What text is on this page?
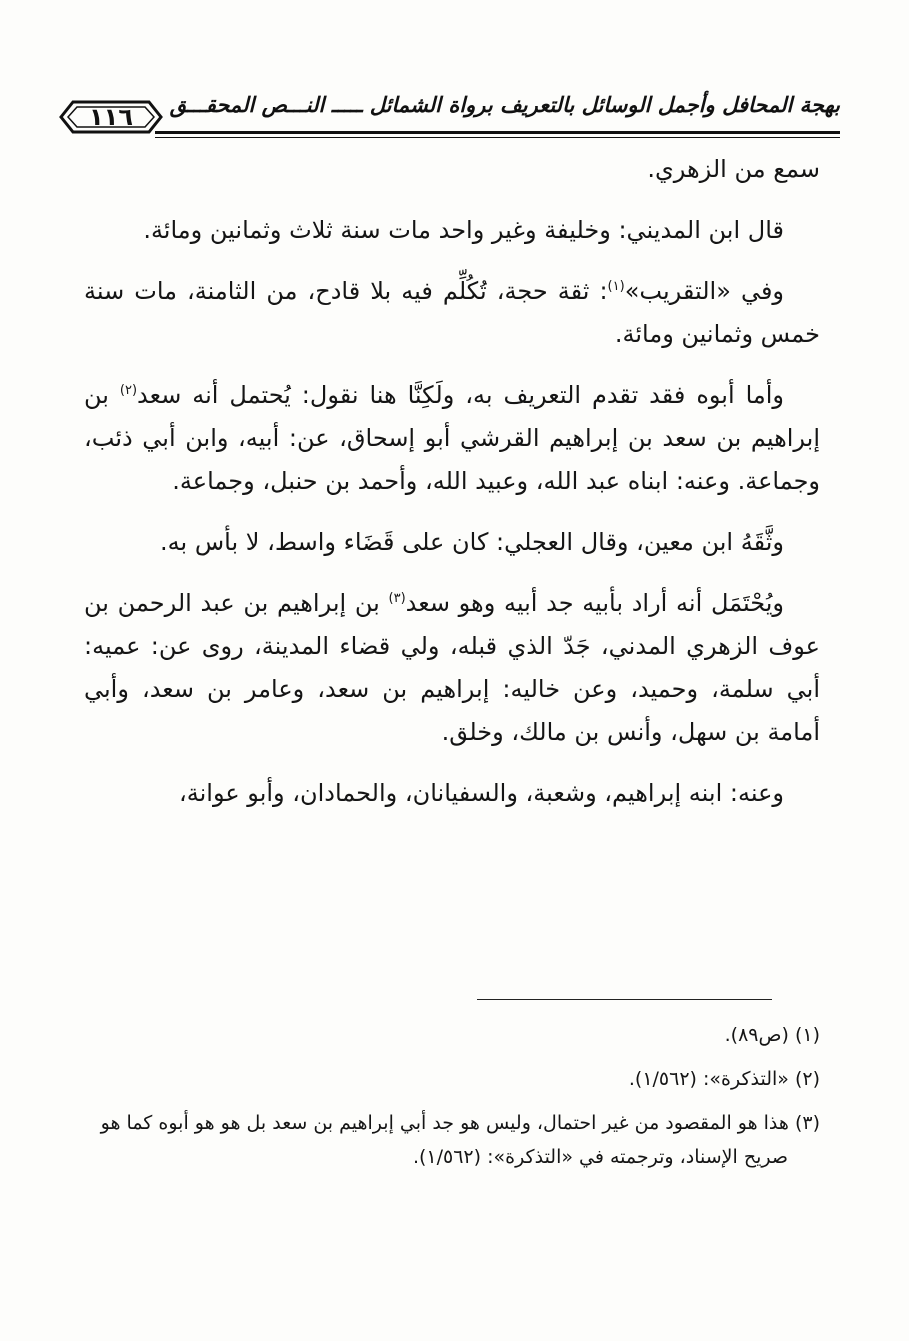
بهجة المحافل وأجمل الوسائل بالتعريف برواة الشمائل ـــــ النـــص المحقـــق
١١٦

سمع من الزهري.

قال ابن المديني: وخليفة وغير واحد مات سنة ثلاث وثمانين ومائة.

وفي «التقريب»$^{(١)}$: ثقة حجة، تُكُلِّم فيه بلا قادح، من الثامنة، مات سنة خمس وثمانين ومائة.

وأما أبوه فقد تقدم التعريف به، ولَكِنَّا هنا نقول: يُحتمل أنه سعد$^{(٢)}$ بن إبراهيم بن سعد بن إبراهيم القرشي أبو إسحاق، عن: أبيه، وابن أبي ذئب، وجماعة. وعنه: ابناه عبد الله، وعبيد الله، وأحمد بن حنبل، وجماعة.

وثَّقَهُ ابن معين، وقال العجلي: كان على قَضَاء واسط، لا بأس به.

ويُحْتَمَل أنه أراد بأبيه جد أبيه وهو سعد$^{(٣)}$ بن إبراهيم بن عبد الرحمن بن عوف الزهري المدني، جَدّ الذي قبله، ولي قضاء المدينة، روى عن: عميه: أبي سلمة، وحميد، وعن خاليه: إبراهيم بن سعد، وعامر بن سعد، وأبي أمامة بن سهل، وأنس بن مالك، وخلق.

وعنه: ابنه إبراهيم، وشعبة، والسفيانان، والحمادان، وأبو عوانة،

(١) (ص٨٩).

(٢) «التذكرة»: (١/٥٦٢).

(٣) هذا هو المقصود من غير احتمال، وليس هو جد أبي إبراهيم بن سعد بل هو هو أبوه كما هو صريح الإسناد، وترجمته في «التذكرة»: (١/٥٦٢).
